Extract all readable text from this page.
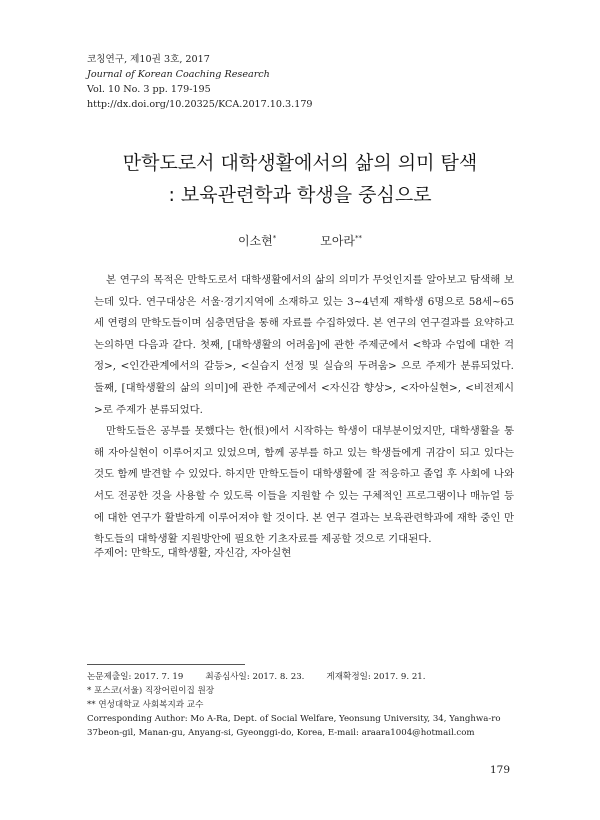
코칭연구, 제10권 3호, 2017
Journal of Korean Coaching Research
Vol. 10 No. 3 pp. 179-195
http://dx.doi.org/10.20325/KCA.2017.10.3.179
만학도로서 대학생활에서의 삶의 의미 탐색
: 보육관련학과 학생을 중심으로
이소현*	모아라**

본 연구의 목적은 만학도로서 대학생활에서의 삶의 의미가 무엇인지를 알아보고 탐색해 보는데 있다. 연구대상은 서울·경기지역에 소재하고 있는 3~4년제 재학생 6명으로 58세~65세 연령의 만학도들이며 심층면담을 통해 자료를 수집하였다. 본 연구의 연구결과를 요약하고 논의하면 다음과 같다. 첫째, [대학생활의 어려움]에 관한 주제군에서 <학과 수업에 대한 걱정>, <인간관계에서의 갈등>, <실습지 선정 및 실습의 두려움> 으로 주제가 분류되었다. 둘째, [대학생활의 삶의 의미]에 관한 주제군에서 <자신감 향상>, <자아실현>, <비전제시>로 주제가 분류되었다.

만학도들은 공부를 못했다는 한(恨)에서 시작하는 학생이 대부분이었지만, 대학생활을 통해 자아실현이 이루어지고 있었으며, 함께 공부를 하고 있는 학생들에게 귀감이 되고 있다는 것도 함께 발견할 수 있었다. 하지만 만학도들이 대학생활에 잘 적응하고 졸업 후 사회에 나와서도 전공한 것을 사용할 수 있도록 이들을 지원할 수 있는 구체적인 프로그램이나 매뉴얼 등에 대한 연구가 활발하게 이루어져야 할 것이다. 본 연구 결과는 보육관련학과에 재학 중인 만학도들의 대학생활 지원방안에 필요한 기초자료를 제공할 것으로 기대된다.

주제어: 만학도, 대학생활, 자신감, 자아실현
논문제출일: 2017. 7. 19	최종심사일: 2017. 8. 23.	게재확정일: 2017. 9. 21.
* 포스코(서울) 직장어린이집 원장
** 연성대학교 사회복지과 교수
Corresponding Author: Mo A-Ra, Dept. of Social Welfare, Yeonsung University, 34, Yanghwa-ro 37beon-gil, Manan-gu, Anyang-si, Gyeonggi-do, Korea, E-mail: araara1004@hotmail.com
179
